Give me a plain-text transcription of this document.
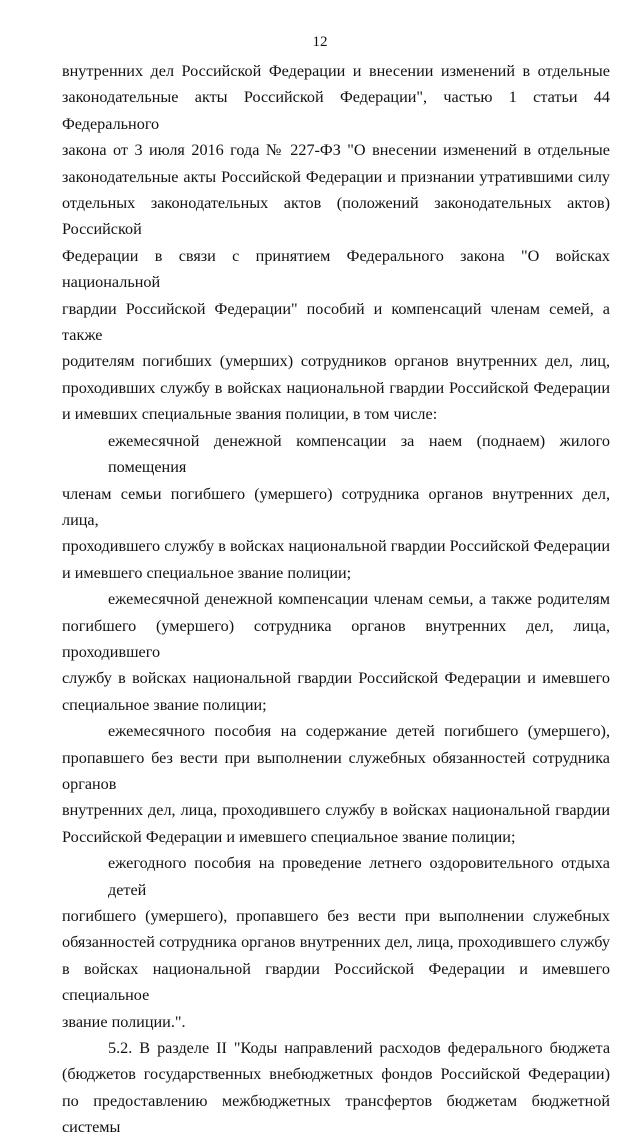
12

внутренних дел Российской Федерации и внесении изменений в отдельные
законодательные акты Российской Федерации", частью 1 статьи 44 Федерального
закона от 3 июля 2016 года № 227-ФЗ "О внесении изменений в отдельные
законодательные акты Российской Федерации и признании утратившими силу
отдельных законодательных актов (положений законодательных актов) Российской
Федерации в связи с принятием Федерального закона "О войсках национальной
гвардии Российской Федерации" пособий и компенсаций членам семей, а также
родителям погибших (умерших) сотрудников органов внутренних дел, лиц,
проходивших службу в войсках национальной гвардии Российской Федерации
и имевших специальные звания полиции, в том числе:

ежемесячной денежной компенсации за наем (поднаем) жилого помещения
членам семьи погибшего (умершего) сотрудника органов внутренних дел, лица,
проходившего службу в войсках национальной гвардии Российской Федерации
и имевшего специальное звание полиции;

ежемесячной денежной компенсации членам семьи, а также родителям
погибшего (умершего) сотрудника органов внутренних дел, лица, проходившего
службу в войсках национальной гвардии Российской Федерации и имевшего
специальное звание полиции;

ежемесячного пособия на содержание детей погибшего (умершего),
пропавшего без вести при выполнении служебных обязанностей сотрудника органов
внутренних дел, лица, проходившего службу в войсках национальной гвардии
Российской Федерации и имевшего специальное звание полиции;

ежегодного пособия на проведение летнего оздоровительного отдыха детей
погибшего (умершего), пропавшего без вести при выполнении служебных
обязанностей сотрудника органов внутренних дел, лица, проходившего службу
в войсках национальной гвардии Российской Федерации и имевшего специальное
звание полиции.".

5.2. В разделе II "Коды направлений расходов федерального бюджета
(бюджетов государственных внебюджетных фондов Российской Федерации)
по предоставлению межбюджетных трансфертов бюджетам бюджетной системы
